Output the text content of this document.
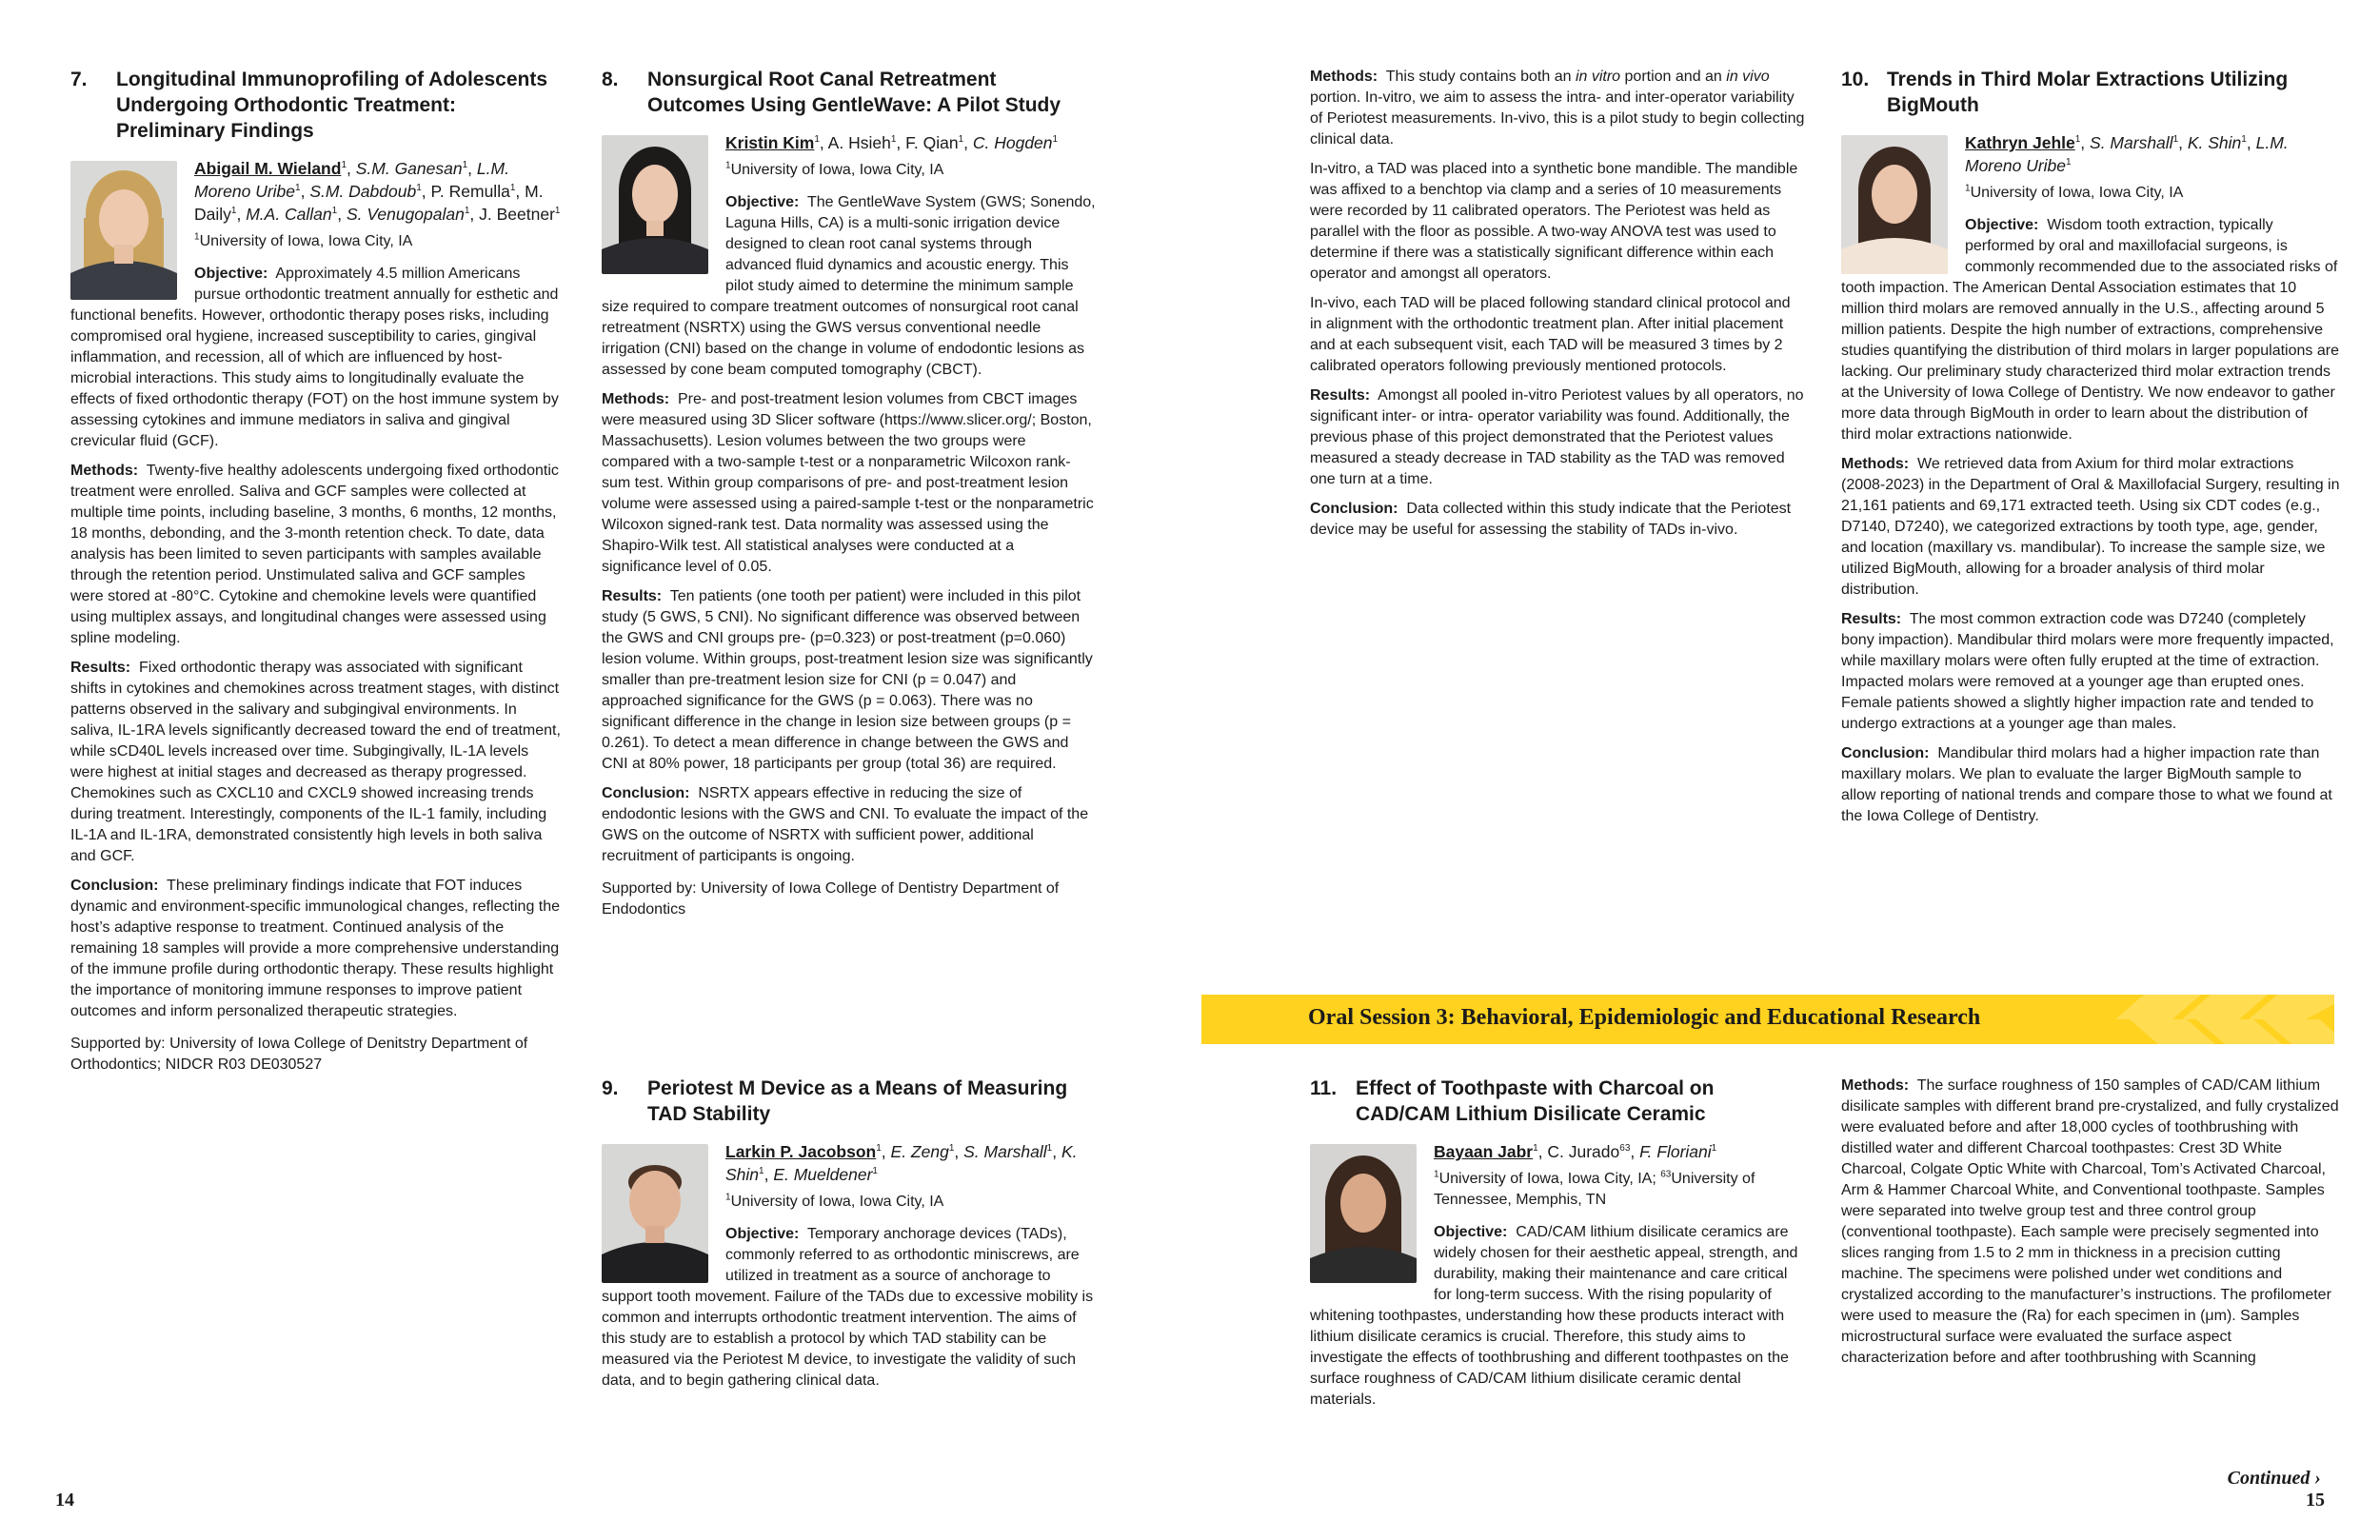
7.	Longitudinal Immunoprofiling of Adolescents Undergoing Orthodontic Treatment: Preliminary Findings
Abigail M. Wieland$^1$, S.M. Ganesan$^1$, L.M. Moreno Uribe$^1$, S.M. Dabdoub$^1$, P. Remulla$^1$, M. Daily$^1$, M.A. Callan$^1$, S. Venugopalan$^1$, J. Beetner$^1$
$^1$University of Iowa, Iowa City, IA
Objective: Approximately 4.5 million Americans pursue orthodontic treatment annually for esthetic and functional benefits. However, orthodontic therapy poses risks, including compromised oral hygiene, increased susceptibility to caries, gingival inflammation, and recession, all of which are influenced by host-microbial interactions. This study aims to longitudinally evaluate the effects of fixed orthodontic therapy (FOT) on the host immune system by assessing cytokines and immune mediators in saliva and gingival crevicular fluid (GCF).
Methods: Twenty-five healthy adolescents undergoing fixed orthodontic treatment were enrolled. Saliva and GCF samples were collected at multiple time points, including baseline, 3 months, 6 months, 12 months, 18 months, debonding, and the 3-month retention check. To date, data analysis has been limited to seven participants with samples available through the retention period. Unstimulated saliva and GCF samples were stored at -80°C. Cytokine and chemokine levels were quantified using multiplex assays, and longitudinal changes were assessed using spline modeling.
Results: Fixed orthodontic therapy was associated with significant shifts in cytokines and chemokines across treatment stages, with distinct patterns observed in the salivary and subgingival environments. In saliva, IL-1RA levels significantly decreased toward the end of treatment, while sCD40L levels increased over time. Subgingivally, IL-1A levels were highest at initial stages and decreased as therapy progressed. Chemokines such as CXCL10 and CXCL9 showed increasing trends during treatment. Interestingly, components of the IL-1 family, including IL-1A and IL-1RA, demonstrated consistently high levels in both saliva and GCF.
Conclusion: These preliminary findings indicate that FOT induces dynamic and environment-specific immunological changes, reflecting the host’s adaptive response to treatment. Continued analysis of the remaining 18 samples will provide a more comprehensive understanding of the immune profile during orthodontic therapy. These results highlight the importance of monitoring immune responses to improve patient outcomes and inform personalized therapeutic strategies.
Supported by: University of Iowa College of Denitstry Department of Orthodontics; NIDCR R03 DE030527
8.	Nonsurgical Root Canal Retreatment Outcomes Using GentleWave: A Pilot Study
Kristin Kim$^1$, A. Hsieh$^1$, F. Qian$^1$, C. Hogden$^1$
$^1$University of Iowa, Iowa City, IA
Objective: The GentleWave System (GWS; Sonendo, Laguna Hills, CA) is a multi-sonic irrigation device designed to clean root canal systems through advanced fluid dynamics and acoustic energy. This pilot study aimed to determine the minimum sample size required to compare treatment outcomes of nonsurgical root canal retreatment (NSRTX) using the GWS versus conventional needle irrigation (CNI) based on the change in volume of endodontic lesions as assessed by cone beam computed tomography (CBCT).
Methods: Pre- and post-treatment lesion volumes from CBCT images were measured using 3D Slicer software (https://www.slicer.org/; Boston, Massachusetts). Lesion volumes between the two groups were compared with a two-sample t-test or a nonparametric Wilcoxon rank-sum test. Within group comparisons of pre- and post-treatment lesion volume were assessed using a paired-sample t-test or the nonparametric Wilcoxon signed-rank test. Data normality was assessed using the Shapiro-Wilk test. All statistical analyses were conducted at a significance level of 0.05.
Results: Ten patients (one tooth per patient) were included in this pilot study (5 GWS, 5 CNI). No significant difference was observed between the GWS and CNI groups pre- (p=0.323) or post-treatment (p=0.060) lesion volume. Within groups, post-treatment lesion size was significantly smaller than pre-treatment lesion size for CNI (p = 0.047) and approached significance for the GWS (p = 0.063). There was no significant difference in the change in lesion size between groups (p = 0.261). To detect a mean difference in change between the GWS and CNI at 80% power, 18 participants per group (total 36) are required.
Conclusion: NSRTX appears effective in reducing the size of endodontic lesions with the GWS and CNI. To evaluate the impact of the GWS on the outcome of NSRTX with sufficient power, additional recruitment of participants is ongoing.
Supported by: University of Iowa College of Dentistry Department of Endodontics
9.	Periotest M Device as a Means of Measuring TAD Stability
Larkin P. Jacobson$^1$, E. Zeng$^1$, S. Marshall$^1$, K. Shin$^1$, E. Mueldener$^1$
$^1$University of Iowa, Iowa City, IA
Objective: Temporary anchorage devices (TADs), commonly referred to as orthodontic miniscrews, are utilized in treatment as a source of anchorage to support tooth movement. Failure of the TADs due to excessive mobility is common and interrupts orthodontic treatment intervention. The aims of this study are to establish a protocol by which TAD stability can be measured via the Periotest M device, to investigate the validity of such data, and to begin gathering clinical data.
Methods: This study contains both an in vitro portion and an in vivo portion. In-vitro, we aim to assess the intra- and inter-operator variability of Periotest measurements. In-vivo, this is a pilot study to begin collecting clinical data.
In-vitro, a TAD was placed into a synthetic bone mandible. The mandible was affixed to a benchtop via clamp and a series of 10 measurements were recorded by 11 calibrated operators. The Periotest was held as parallel with the floor as possible. A two-way ANOVA test was used to determine if there was a statistically significant difference within each operator and amongst all operators.
In-vivo, each TAD will be placed following standard clinical protocol and in alignment with the orthodontic treatment plan. After initial placement and at each subsequent visit, each TAD will be measured 3 times by 2 calibrated operators following previously mentioned protocols.
Results: Amongst all pooled in-vitro Periotest values by all operators, no significant inter- or intra- operator variability was found. Additionally, the previous phase of this project demonstrated that the Periotest values measured a steady decrease in TAD stability as the TAD was removed one turn at a time.
Conclusion: Data collected within this study indicate that the Periotest device may be useful for assessing the stability of TADs in-vivo.
11. Effect of Toothpaste with Charcoal on CAD/CAM Lithium Disilicate Ceramic
Bayaan Jabr$^1$, C. Jurado$^{63}$, F. Floriani$^1$
$^1$University of Iowa, Iowa City, IA; $^{63}$University of Tennessee, Memphis, TN
Objective: CAD/CAM lithium disilicate ceramics are widely chosen for their aesthetic appeal, strength, and durability, making their maintenance and care critical for long-term success. With the rising popularity of whitening toothpastes, understanding how these products interact with lithium disilicate ceramics is crucial. Therefore, this study aims to investigate the effects of toothbrushing and different toothpastes on the surface roughness of CAD/CAM lithium disilicate ceramic dental materials.
10. Trends in Third Molar Extractions Utilizing BigMouth
Kathryn Jehle$^1$, S. Marshall$^1$, K. Shin$^1$, L.M. Moreno Uribe$^1$
$^1$University of Iowa, Iowa City, IA
Objective: Wisdom tooth extraction, typically performed by oral and maxillofacial surgeons, is commonly recommended due to the associated risks of tooth impaction. The American Dental Association estimates that 10 million third molars are removed annually in the U.S., affecting around 5 million patients. Despite the high number of extractions, comprehensive studies quantifying the distribution of third molars in larger populations are lacking. Our preliminary study characterized third molar extraction trends at the University of Iowa College of Dentistry. We now endeavor to gather more data through BigMouth in order to learn about the distribution of third molar extractions nationwide.
Methods: We retrieved data from Axium for third molar extractions (2008-2023) in the Department of Oral & Maxillofacial Surgery, resulting in 21,161 patients and 69,171 extracted teeth. Using six CDT codes (e.g., D7140, D7240), we categorized extractions by tooth type, age, gender, and location (maxillary vs. mandibular). To increase the sample size, we utilized BigMouth, allowing for a broader analysis of third molar distribution.
Results: The most common extraction code was D7240 (completely bony impaction). Mandibular third molars were more frequently impacted, while maxillary molars were often fully erupted at the time of extraction. Impacted molars were removed at a younger age than erupted ones. Female patients showed a slightly higher impaction rate and tended to undergo extractions at a younger age than males.
Conclusion: Mandibular third molars had a higher impaction rate than maxillary molars. We plan to evaluate the larger BigMouth sample to allow reporting of national trends and compare those to what we found at the Iowa College of Dentistry.
Methods: The surface roughness of 150 samples of CAD/CAM lithium disilicate samples with different brand pre-crystalized, and fully crystalized were evaluated before and after 18,000 cycles of toothbrushing with distilled water and different Charcoal toothpastes: Crest 3D White Charcoal, Colgate Optic White with Charcoal, Tom’s Activated Charcoal, Arm & Hammer Charcoal White, and Conventional toothpaste. Samples were separated into twelve group test and three control group (conventional toothpaste). Each sample were precisely segmented into slices ranging from 1.5 to 2 mm in thickness in a precision cutting machine. The specimens were polished under wet conditions and crystalized according to the manufacturer’s instructions. The profilometer were used to measure the (Ra) for each specimen in (μm). Samples microstructural surface were evaluated the surface aspect characterization before and after toothbrushing with Scanning
Oral Session 3: Behavioral, Epidemiologic and Educational Research
Continued ›
14	15
